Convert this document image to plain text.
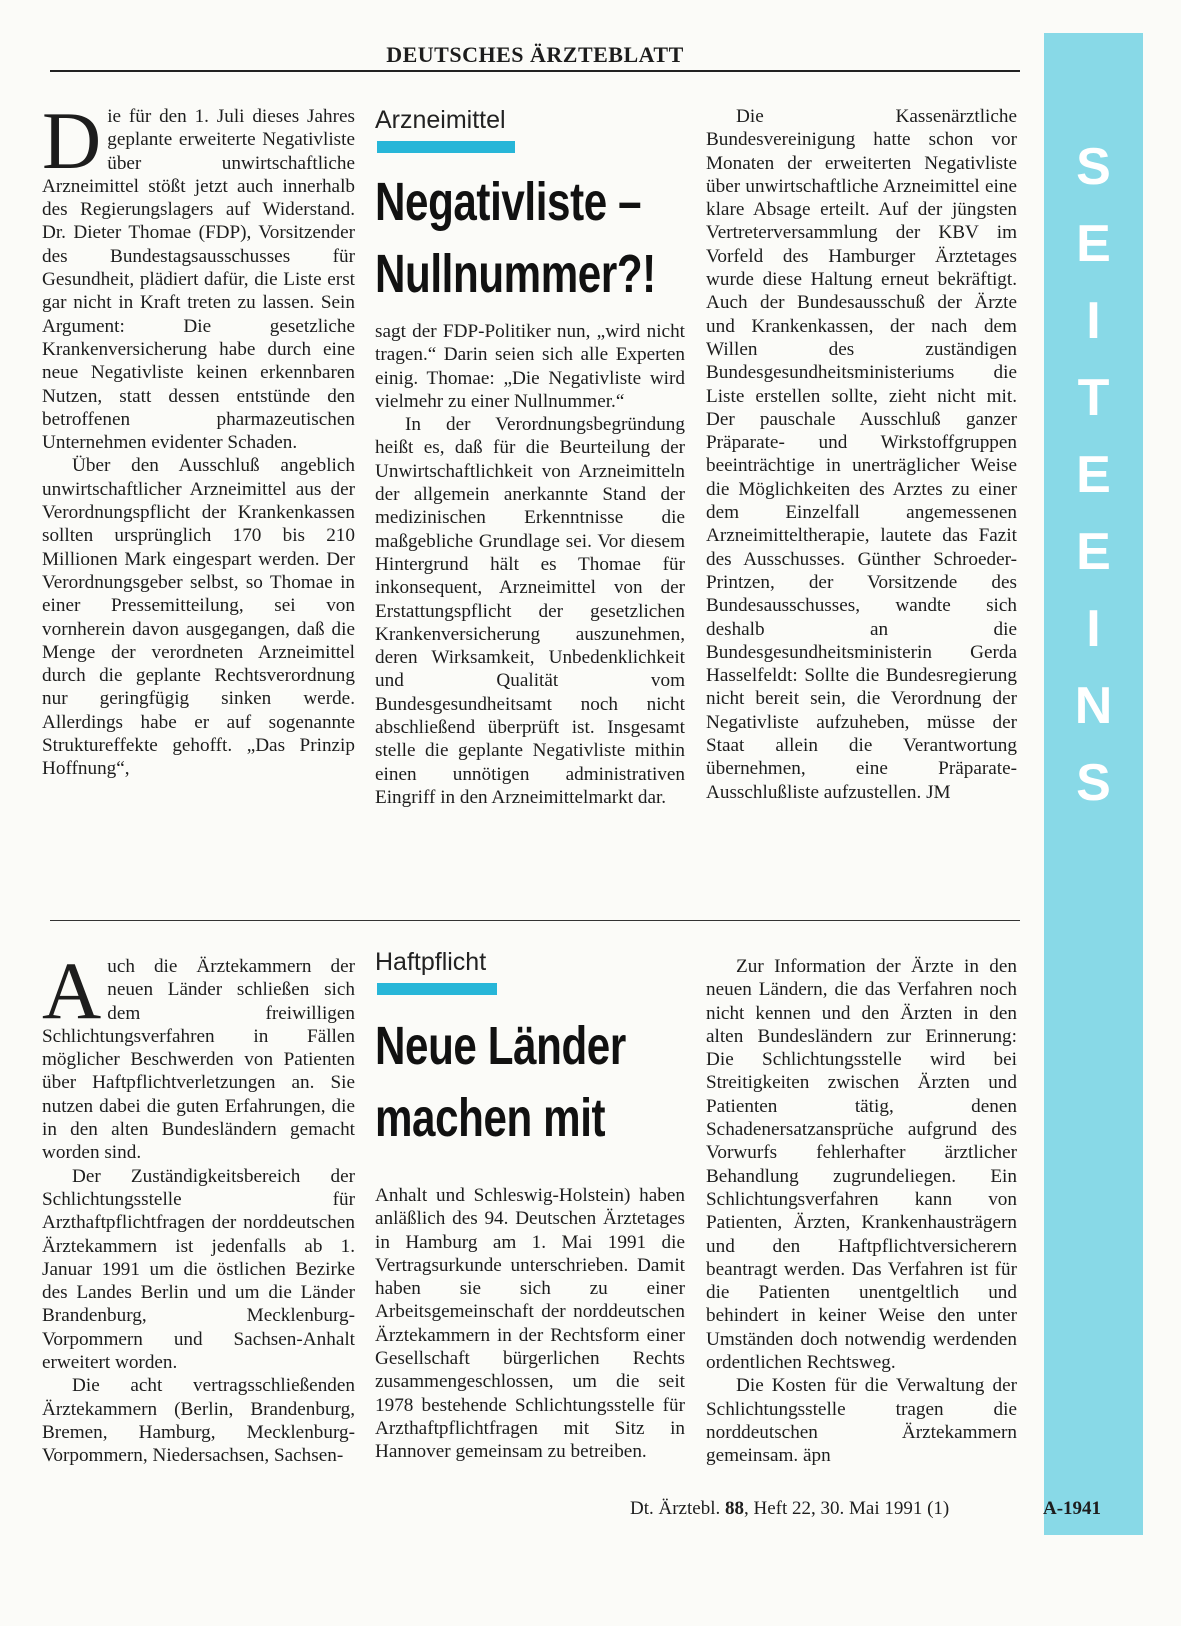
DEUTSCHES ÄRZTEBLATT
S
E
I
T
E
E
I
N
S

Die für den 1. Juli dieses Jahres geplante erweiterte Negativliste über unwirtschaftliche Arzneimittel stößt jetzt auch innerhalb des Regierungslagers auf Widerstand. Dr. Dieter Thomae (FDP), Vorsitzender des Bundestagsausschusses für Gesundheit, plädiert dafür, die Liste erst gar nicht in Kraft treten zu lassen. Sein Argument: Die gesetzliche Krankenversicherung habe durch eine neue Negativliste keinen erkennbaren Nutzen, statt dessen entstünde den betroffenen pharmazeutischen Unternehmen evidenter Schaden.

Über den Ausschluß angeblich unwirtschaftlicher Arzneimittel aus der Verordnungspflicht der Krankenkassen sollten ursprünglich 170 bis 210 Millionen Mark eingespart werden. Der Verordnungsgeber selbst, so Thomae in einer Pressemitteilung, sei von vornherein davon ausgegangen, daß die Menge der verordneten Arzneimittel durch die geplante Rechtsverordnung nur geringfügig sinken werde. Allerdings habe er auf sogenannte Struktureffekte gehofft. „Das Prinzip Hoffnung“,

Arzneimittel
Negativliste –
Nullnummer?!

sagt der FDP-Politiker nun, „wird nicht tragen.“ Darin seien sich alle Experten einig. Thomae: „Die Negativliste wird vielmehr zu einer Nullnummer.“

In der Verordnungsbegründung heißt es, daß für die Beurteilung der Unwirtschaftlichkeit von Arzneimitteln der allgemein anerkannte Stand der medizinischen Erkenntnisse die maßgebliche Grundlage sei. Vor diesem Hintergrund hält es Thomae für inkonsequent, Arzneimittel von der Erstattungspflicht der gesetzlichen Krankenversicherung auszunehmen, deren Wirksamkeit, Unbedenklichkeit und Qualität vom Bundesgesundheitsamt noch nicht abschließend überprüft ist. Insgesamt stelle die geplante Negativliste mithin einen unnötigen administrativen Eingriff in den Arzneimittelmarkt dar.

Die Kassenärztliche Bundesvereinigung hatte schon vor Monaten der erweiterten Negativliste über unwirtschaftliche Arzneimittel eine klare Absage erteilt. Auf der jüngsten Vertreterversammlung der KBV im Vorfeld des Hamburger Ärztetages wurde diese Haltung erneut bekräftigt. Auch der Bundesausschuß der Ärzte und Krankenkassen, der nach dem Willen des zuständigen Bundesgesundheitsministeriums die Liste erstellen sollte, zieht nicht mit. Der pauschale Ausschluß ganzer Präparate- und Wirkstoffgruppen beeinträchtige in unerträglicher Weise die Möglichkeiten des Arztes zu einer dem Einzelfall angemessenen Arzneimitteltherapie, lautete das Fazit des Ausschusses. Günther Schroeder-Printzen, der Vorsitzende des Bundesausschusses, wandte sich deshalb an die Bundesgesundheitsministerin Gerda Hasselfeldt: Sollte die Bundesregierung nicht bereit sein, die Verordnung der Negativliste aufzuheben, müsse der Staat allein die Verantwortung übernehmen, eine Präparate-Ausschlußliste aufzustellen. JM

Auch die Ärztekammern der neuen Länder schließen sich dem freiwilligen Schlichtungsverfahren in Fällen möglicher Beschwerden von Patienten über Haftpflichtverletzungen an. Sie nutzen dabei die guten Erfahrungen, die in den alten Bundesländern gemacht worden sind.

Der Zuständigkeitsbereich der Schlichtungsstelle für Arzthaftpflichtfragen der norddeutschen Ärztekammern ist jedenfalls ab 1. Januar 1991 um die östlichen Bezirke des Landes Berlin und um die Länder Brandenburg, Mecklenburg-Vorpommern und Sachsen-Anhalt erweitert worden.

Die acht vertragsschließenden Ärztekammern (Berlin, Brandenburg, Bremen, Hamburg, Mecklenburg-Vorpommern, Niedersachsen, Sachsen-

Haftpflicht
Neue Länder
machen mit

Anhalt und Schleswig-Holstein) haben anläßlich des 94. Deutschen Ärztetages in Hamburg am 1. Mai 1991 die Vertragsurkunde unterschrieben. Damit haben sie sich zu einer Arbeitsgemeinschaft der norddeutschen Ärztekammern in der Rechtsform einer Gesellschaft bürgerlichen Rechts zusammengeschlossen, um die seit 1978 bestehende Schlichtungsstelle für Arzthaftpflichtfragen mit Sitz in Hannover gemeinsam zu betreiben.

Zur Information der Ärzte in den neuen Ländern, die das Verfahren noch nicht kennen und den Ärzten in den alten Bundesländern zur Erinnerung: Die Schlichtungsstelle wird bei Streitigkeiten zwischen Ärzten und Patienten tätig, denen Schadenersatzansprüche aufgrund des Vorwurfs fehlerhafter ärztlicher Behandlung zugrundeliegen. Ein Schlichtungsverfahren kann von Patienten, Ärzten, Krankenhausträgern und den Haftpflichtversicherern beantragt werden. Das Verfahren ist für die Patienten unentgeltlich und behindert in keiner Weise den unter Umständen doch notwendig werdenden ordentlichen Rechtsweg.

Die Kosten für die Verwaltung der Schlichtungsstelle tragen die norddeutschen Ärztekammern gemeinsam. äpn

Dt. Ärztebl. 88, Heft 22, 30. Mai 1991 (1)	A-1941
